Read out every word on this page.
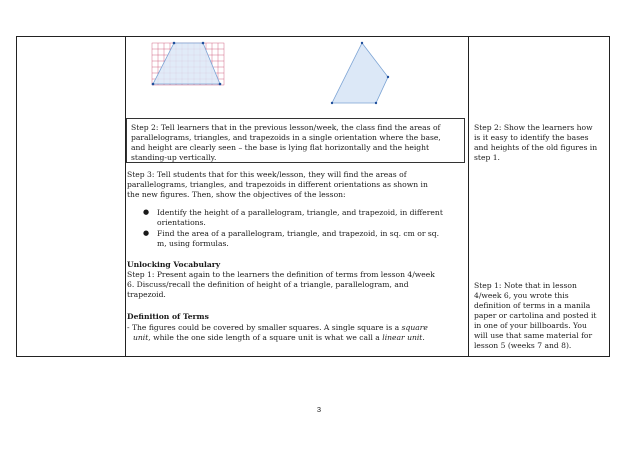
Step 2: Tell learners that in the previous lesson/week, the class find the areas of
parallelograms, triangles, and trapezoids in a single orientation where the base,
and height are clearly seen – the base is lying flat horizontally and the height
standing-up vertically.
Step 3: Tell students that for this week/lesson, they will find the areas of
parallelograms, triangles, and trapezoids in different orientations as shown in
the new figures. Then, show the objectives of the lesson:
● Identify the height of a parallelogram, triangle, and trapezoid, in different
orientations.
● Find the area of a parallelogram, triangle, and trapezoid, in sq. cm or sq.
m, using formulas.
Unlocking Vocabulary
Step 1: Present again to the learners the definition of terms from lesson 4/week
6. Discuss/recall the definition of height of a triangle, parallelogram, and
trapezoid.
Definition of Terms
- The figures could be covered by smaller squares. A single square is a square
unit, while the one side length of a square unit is what we call a linear unit.
Step 2: Show the learners how
is it easy to identify the bases
and heights of the old figures in
step 1.
Step 1: Note that in lesson
4/week 6, you wrote this
definition of terms in a manila
paper or cartolina and posted it
in one of your billboards. You
will use that same material for
lesson 5 (weeks 7 and 8).
3
